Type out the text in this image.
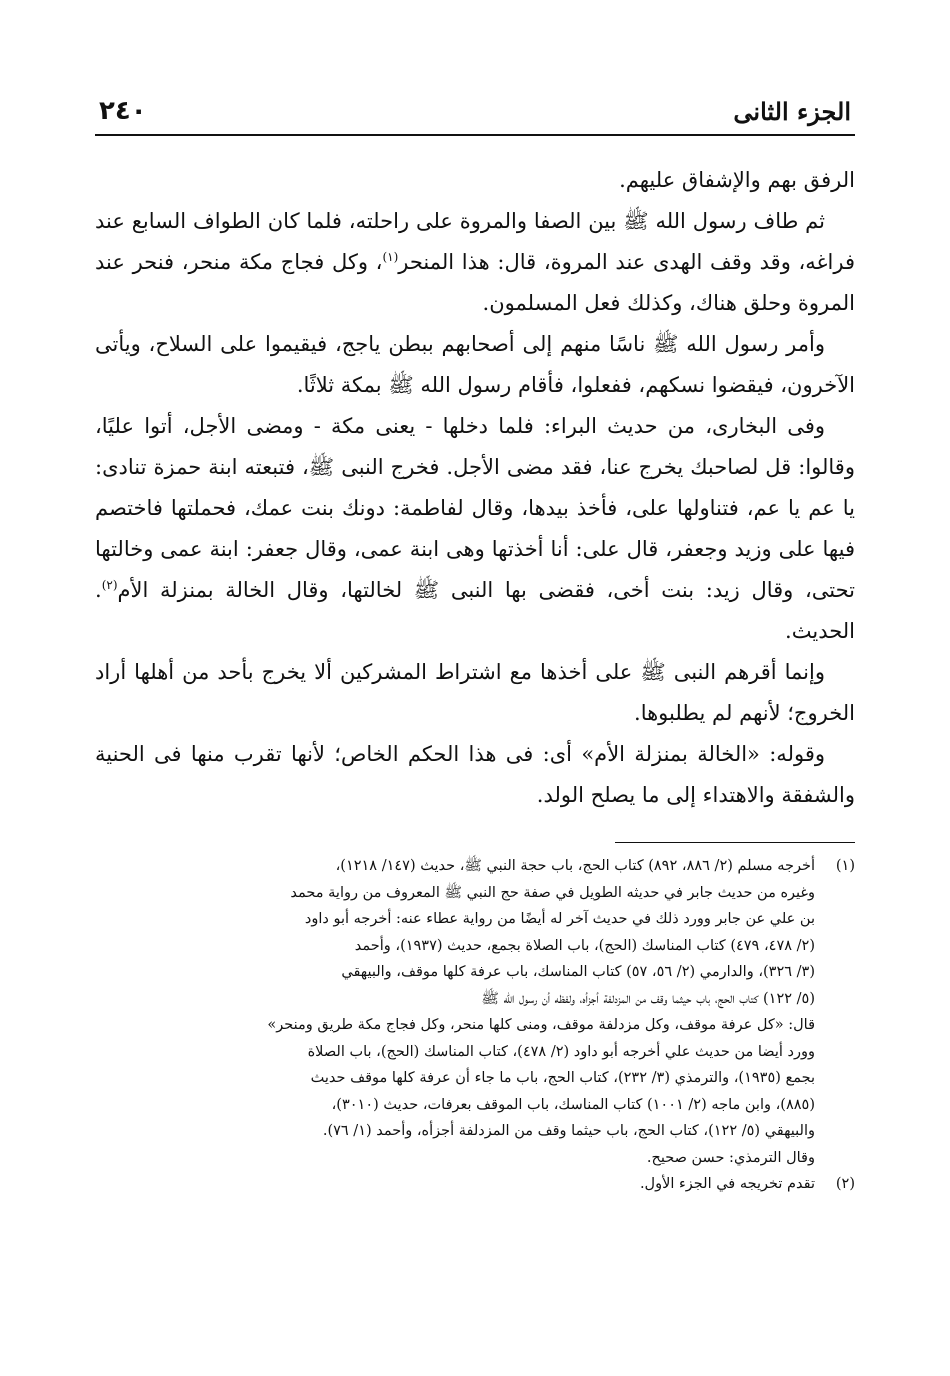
الجزء الثانى
٢٤٠

الرفق بهم والإشفاق عليهم.

ثم طاف رسول الله ﷺ بين الصفا والمروة على راحلته، فلما كان الطواف السابع عند فراغه، وقد وقف الهدى عند المروة، قال: هذا المنحر$^{(١)}$، وكل فجاج مكة منحر، فنحر عند المروة وحلق هناك، وكذلك فعل المسلمون.

وأمر رسول الله ﷺ ناسًا منهم إلى أصحابهم ببطن ياجج، فيقيموا على السلاح، ويأتى الآخرون، فيقضوا نسكهم، ففعلوا، فأقام رسول الله ﷺ بمكة ثلاثًا.

وفى البخارى، من حديث البراء: فلما دخلها - يعنى مكة - ومضى الأجل، أتوا عليًا، وقالوا: قل لصاحبك يخرج عنا، فقد مضى الأجل. فخرج النبى ﷺ، فتبعته ابنة حمزة تنادى: يا عم يا عم، فتناولها على، فأخذ بيدها، وقال لفاطمة: دونك بنت عمك، فحملتها فاختصم فيها على وزيد وجعفر، قال على: أنا أخذتها وهى ابنة عمى، وقال جعفر: ابنة عمى وخالتها تحتى، وقال زيد: بنت أخى، فقضى بها النبى ﷺ لخالتها، وقال الخالة بمنزلة الأم$^{(٢)}$. الحديث.

وإنما أقرهم النبى ﷺ على أخذها مع اشتراط المشركين ألا يخرج بأحد من أهلها أراد الخروج؛ لأنهم لم يطلبوها.

وقوله: «الخالة بمنزلة الأم» أى: فى هذا الحكم الخاص؛ لأنها تقرب منها فى الحنية والشفقة والاهتداء إلى ما يصلح الولد.

(١)
أخرجه مسلم (٢/ ٨٨٦، ٨٩٢) كتاب الحج، باب حجة النبي ﷺ، حديث (١٤٧/ ١٢١٨)،
وغيره من حديث جابر في حديثه الطويل في صفة حج النبي ﷺ المعروف من رواية محمد
بن علي عن جابر وورد ذلك في حديث آخر له أيضًا من رواية عطاء عنه: أخرجه أبو داود
(٢/ ٤٧٨، ٤٧٩) كتاب المناسك (الحج)، باب الصلاة بجمع، حديث (١٩٣٧)، وأحمد
(٣/ ٣٢٦)، والدارمي (٢/ ٥٦، ٥٧) كتاب المناسك، باب عرفة كلها موقف، والبيهقي
(٥/ ١٢٢) كتاب الحج، باب حيثما وقف من المزدلفة أجزأه، ولفظه أن رسول الله ﷺ
قال: «كل عرفة موقف، وكل مزدلفة موقف، ومنى كلها منحر، وكل فجاج مكة طريق ومنحر»
وورد أيضا من حديث علي أخرجه أبو داود (٢/ ٤٧٨)، كتاب المناسك (الحج)، باب الصلاة
بجمع (١٩٣٥)، والترمذي (٣/ ٢٣٢)، كتاب الحج، باب ما جاء أن عرفة كلها موقف حديث
(٨٨٥)، وابن ماجه (٢/ ١٠٠١) كتاب المناسك، باب الموقف بعرفات، حديث (٣٠١٠)،
والبيهقي (٥/ ١٢٢)، كتاب الحج، باب حيثما وقف من المزدلفة أجزأه، وأحمد (١/ ٧٦).
وقال الترمذي: حسن صحيح.
(٢)
تقدم تخريجه في الجزء الأول.
